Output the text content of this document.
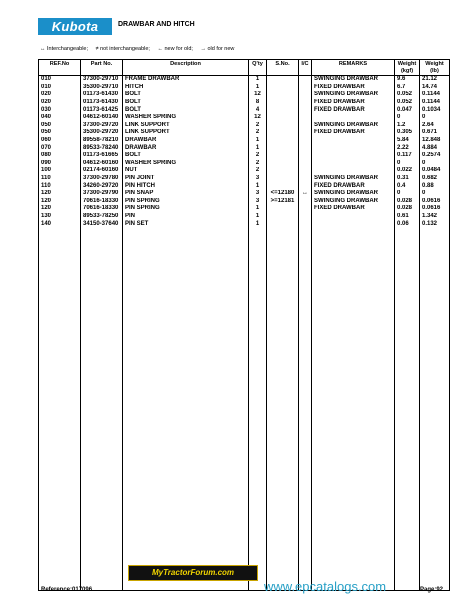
Kubota	DRAWBAR AND HITCH
↔ Interchangeable; ≠ not interchangeable; ← new for old; → old for new
REF.No	Part No.	Description	Q'ty	S.No.	I/C	REMARKS	Weight (kgf)	Weight (lb)
010	37300-29710	FRAME DRAWBAR	1			SWINGING DRAWBAR	9.6	21.12
010	35300-29710	HITCH	1			FIXED DRAWBAR	6.7	14.74
020	01173-61430	BOLT	12			SWINGING DRAWBAR	0.052	0.1144
020	01173-61430	BOLT	8			FIXED DRAWBAR	0.052	0.1144
030	01173-61425	BOLT	4			FIXED DRAWBAR	0.047	0.1034
040	04612-60140	WASHER SPRING	12				0	0
050	37300-29720	LINK SUPPORT	2			SWINGING DRAWBAR	1.2	2.64
050	35300-29720	LINK SUPPORT	2			FIXED DRAWBAR	0.305	0.671
060	89558-78210	DRAWBAR	1				5.84	12.848
070	89533-78240	DRAWBAR	1				2.22	4.884
080	01173-61665	BOLT	2				0.117	0.2574
090	04612-60160	WASHER SPRING	2				0	0
100	02174-60160	NUT	2				0.022	0.0484
110	37300-29780	PIN JOINT	3			SWINGING DRAWBAR	0.31	0.682
110	34260-29720	PIN HITCH	1			FIXED DRAWBAR	0.4	0.88
120	37300-29790	PIN SNAP	3	<=12180	↔	SWINGING DRAWBAR	0	0
120	70616-18330	PIN SPRING	3	>=12181		SWINGING DRAWBAR	0.028	0.0616
120	70616-18330	PIN SPRING	1			FIXED DRAWBAR	0.028	0.0616
130	89533-78250	PIN	1				0.61	1.342
140	34150-37640	PIN SET	1				0.06	0.132

Reference:017096	Page:92
MyTractorForum.com
www.epcatalogs.com
